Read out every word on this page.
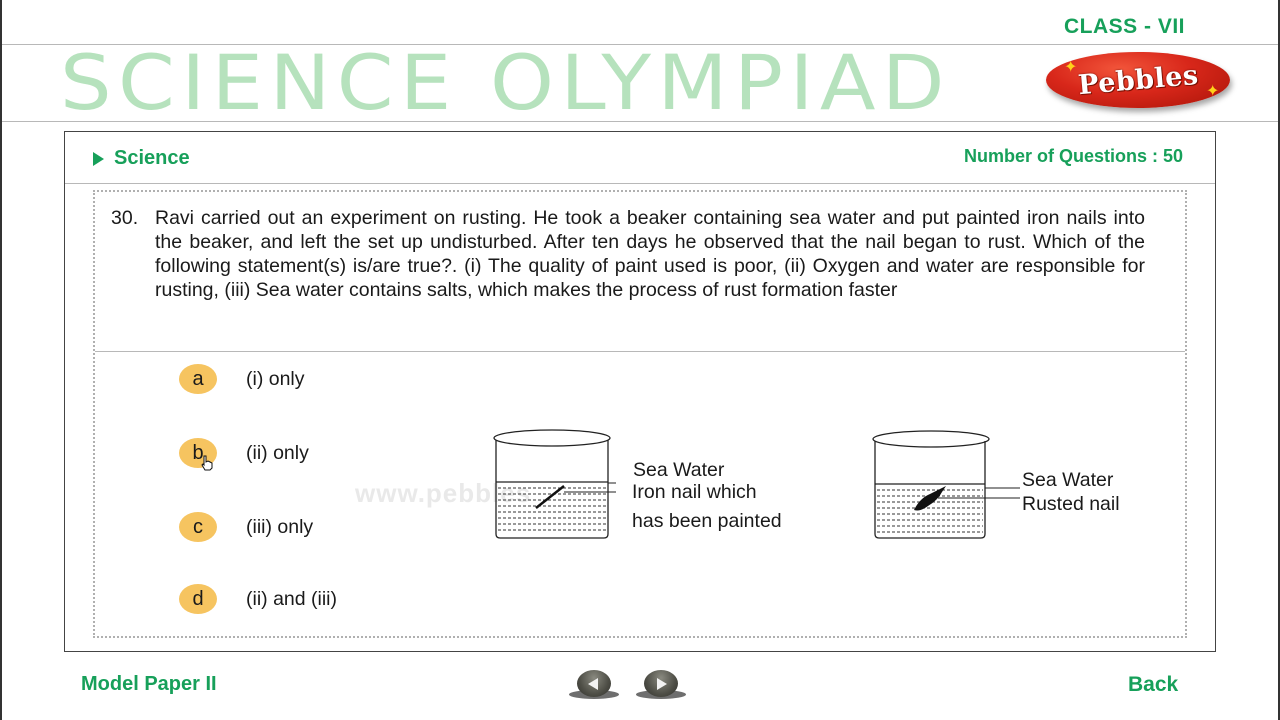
CLASS - VII
SCIENCE OLYMPIAD	✦ Pebbles ✦
Science	Number of Questions : 50
30. Ravi carried out an experiment on rusting. He took a beaker containing sea water and put painted iron nails into the beaker, and left the set up undisturbed. After ten days he observed that the nail began to rust. Which of the following statement(s) is/are true?. (i) The quality of paint used is poor, (ii) Oxygen and water are responsible for rusting, (iii) Sea water contains salts, which makes the process of rust formation faster
www.pebbles
a	(i) only
b	(ii) only
c	(iii) only
d	(ii) and (iii)
Sea Water
Iron nail which
has been painted
Sea Water
Rusted nail
Model Paper II	Back
